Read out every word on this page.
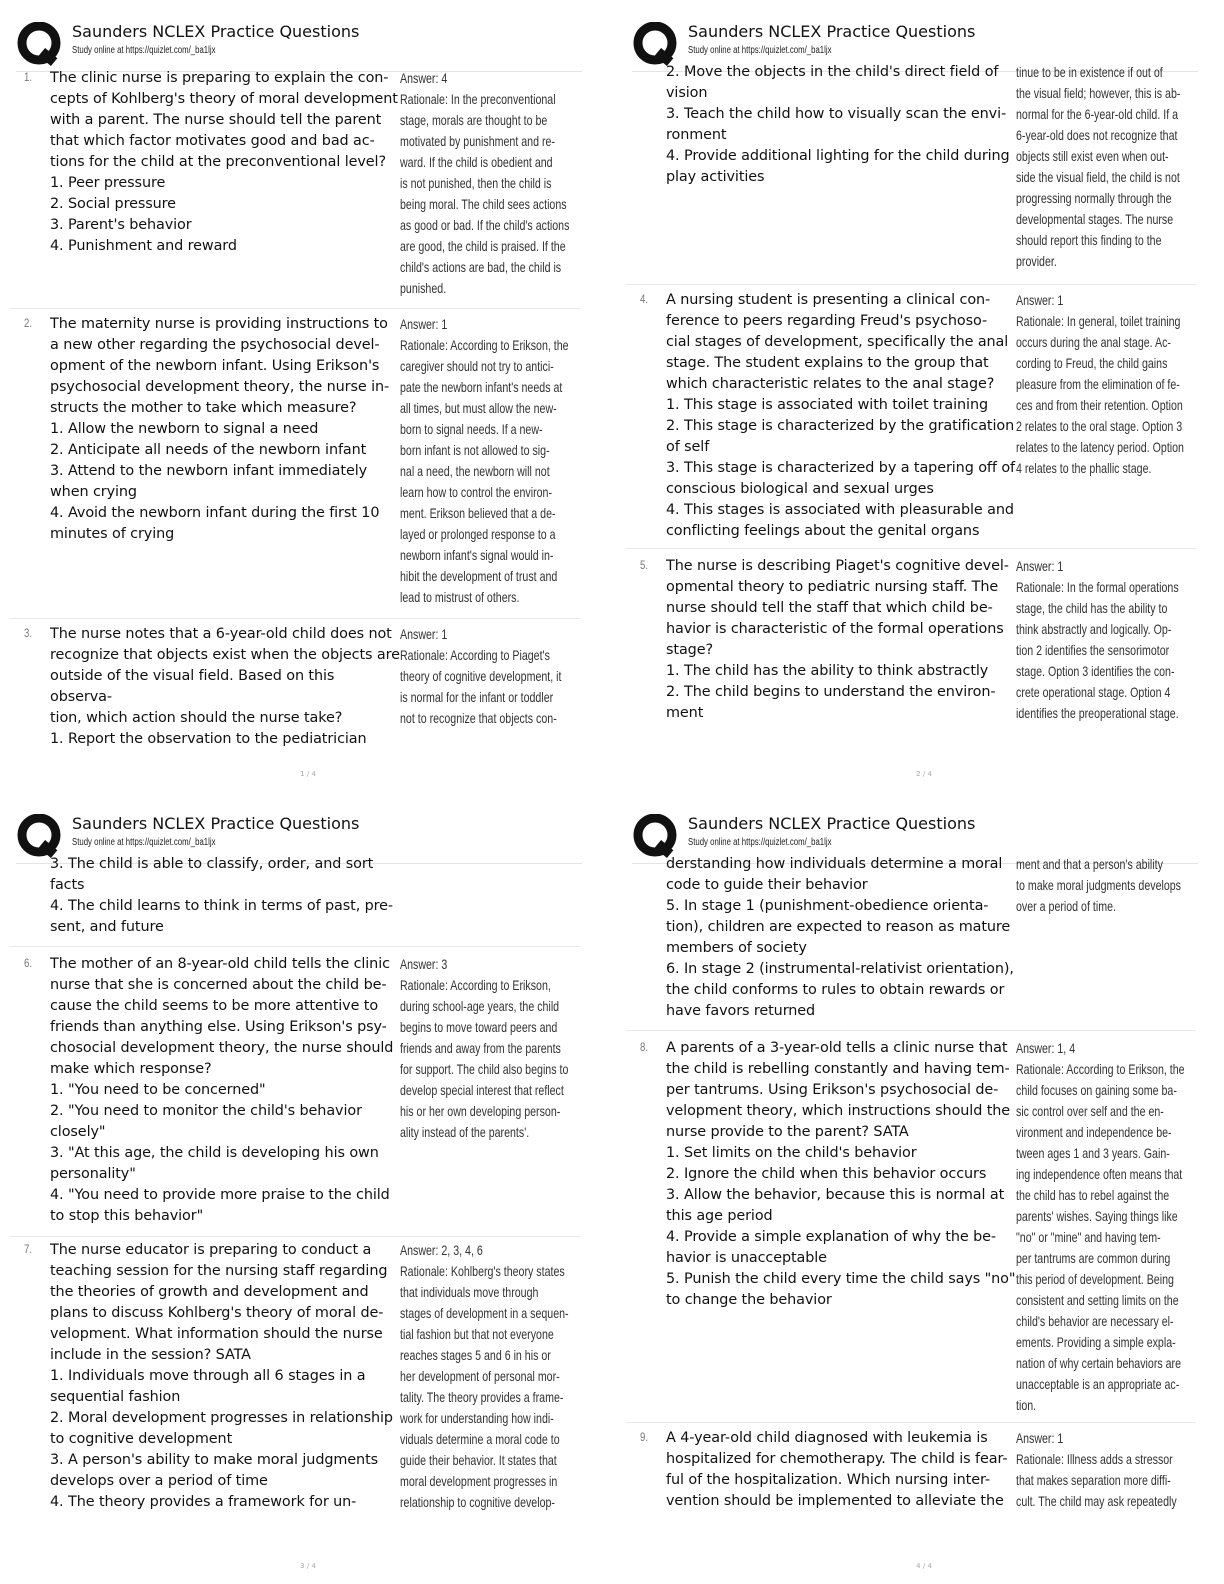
Saunders NCLEX Practice Questions
Study online at https://quizlet.com/_ba1ljx
1. The clinic nurse is preparing to explain the con-

cepts of Kohlberg's theory of moral development

with a parent. The nurse should tell the parent

that which factor motivates good and bad ac-

tions for the child at the preconventional level?

1. Peer pressure

2. Social pressure

3. Parent's behavior

4. Punishment and reward

Answer: 4

Rationale: In the preconventional

stage, morals are thought to be

motivated by punishment and re-

ward. If the child is obedient and

is not punished, then the child is

being moral. The child sees actions

as good or bad. If the child's actions

are good, the child is praised. If the

child's actions are bad, the child is

punished.

2. The maternity nurse is providing instructions to

a new other regarding the psychosocial devel-

opment of the newborn infant. Using Erikson's

psychosocial development theory, the nurse in-

structs the mother to take which measure?

1. Allow the newborn to signal a need

2. Anticipate all needs of the newborn infant

3. Attend to the newborn infant immediately

when crying

4. Avoid the newborn infant during the first 10

minutes of crying

Answer: 1

Rationale: According to Erikson, the

caregiver should not try to antici-

pate the newborn infant's needs at

all times, but must allow the new-

born to signal needs. If a new-

born infant is not allowed to sig-

nal a need, the newborn will not

learn how to control the environ-

ment. Erikson believed that a de-

layed or prolonged response to a

newborn infant's signal would in-

hibit the development of trust and

lead to mistrust of others.

3. The nurse notes that a 6-year-old child does not

recognize that objects exist when the objects are

outside of the visual field. Based on this observa-

tion, which action should the nurse take?

1. Report the observation to the pediatrician

Answer: 1

Rationale: According to Piaget's

theory of cognitive development, it

is normal for the infant or toddler

not to recognize that objects con-

1 / 4
Saunders NCLEX Practice Questions
Study online at https://quizlet.com/_ba1ljx

2. Move the objects in the child's direct field of

vision

3. Teach the child how to visually scan the envi-

ronment

4. Provide additional lighting for the child during

play activities

tinue to be in existence if out of

the visual field; however, this is ab-

normal for the 6-year-old child. If a

6-year-old does not recognize that

objects still exist even when out-

side the visual field, the child is not

progressing normally through the

developmental stages. The nurse

should report this finding to the

provider.

4. A nursing student is presenting a clinical con-

ference to peers regarding Freud's psychoso-

cial stages of development, specifically the anal

stage. The student explains to the group that

which characteristic relates to the anal stage?

1. This stage is associated with toilet training

2. This stage is characterized by the gratification

of self

3. This stage is characterized by a tapering off of

conscious biological and sexual urges

4. This stages is associated with pleasurable and

conflicting feelings about the genital organs

Answer: 1

Rationale: In general, toilet training

occurs during the anal stage. Ac-

cording to Freud, the child gains

pleasure from the elimination of fe-

ces and from their retention. Option

2 relates to the oral stage. Option 3

relates to the latency period. Option

4 relates to the phallic stage.

5. The nurse is describing Piaget's cognitive devel-

opmental theory to pediatric nursing staff. The

nurse should tell the staff that which child be-

havior is characteristic of the formal operations

stage?

1. The child has the ability to think abstractly

2. The child begins to understand the environ-

ment

Answer: 1

Rationale: In the formal operations

stage, the child has the ability to

think abstractly and logically. Op-

tion 2 identifies the sensorimotor

stage. Option 3 identifies the con-

crete operational stage. Option 4

identifies the preoperational stage.

2 / 4
Saunders NCLEX Practice Questions
Study online at https://quizlet.com/_ba1ljx

3. The child is able to classify, order, and sort

facts

4. The child learns to think in terms of past, pre-

sent, and future

6. The mother of an 8-year-old child tells the clinic

nurse that she is concerned about the child be-

cause the child seems to be more attentive to

friends than anything else. Using Erikson's psy-

chosocial development theory, the nurse should

make which response?

1. "You need to be concerned"

2. "You need to monitor the child's behavior

closely"

3. "At this age, the child is developing his own

personality"

4. "You need to provide more praise to the child

to stop this behavior"

Answer: 3

Rationale: According to Erikson,

during school-age years, the child

begins to move toward peers and

friends and away from the parents

for support. The child also begins to

develop special interest that reflect

his or her own developing person-

ality instead of the parents'.

7. The nurse educator is preparing to conduct a

teaching session for the nursing staff regarding

the theories of growth and development and

plans to discuss Kohlberg's theory of moral de-

velopment. What information should the nurse

include in the session? SATA

1. Individuals move through all 6 stages in a

sequential fashion

2. Moral development progresses in relationship

to cognitive development

3. A person's ability to make moral judgments

develops over a period of time

4. The theory provides a framework for un-

Answer: 2, 3, 4, 6

Rationale: Kohlberg's theory states

that individuals move through

stages of development in a sequen-

tial fashion but that not everyone

reaches stages 5 and 6 in his or

her development of personal mor-

tality. The theory provides a frame-

work for understanding how indi-

viduals determine a moral code to

guide their behavior. It states that

moral development progresses in

relationship to cognitive develop-

3 / 4
Saunders NCLEX Practice Questions
Study online at https://quizlet.com/_ba1ljx

derstanding how individuals determine a moral

code to guide their behavior

5. In stage 1 (punishment-obedience orienta-

tion), children are expected to reason as mature

members of society

6. In stage 2 (instrumental-relativist orientation),

the child conforms to rules to obtain rewards or

have favors returned

ment and that a person's ability

to make moral judgments develops

over a period of time.

8. A parents of a 3-year-old tells a clinic nurse that

the child is rebelling constantly and having tem-

per tantrums. Using Erikson's psychosocial de-

velopment theory, which instructions should the

nurse provide to the parent? SATA

1. Set limits on the child's behavior

2. Ignore the child when this behavior occurs

3. Allow the behavior, because this is normal at

this age period

4. Provide a simple explanation of why the be-

havior is unacceptable

5. Punish the child every time the child says "no"

to change the behavior

Answer: 1, 4

Rationale: According to Erikson, the

child focuses on gaining some ba-

sic control over self and the en-

vironment and independence be-

tween ages 1 and 3 years. Gain-

ing independence often means that

the child has to rebel against the

parents' wishes. Saying things like

"no" or "mine" and having tem-

per tantrums are common during

this period of development. Being

consistent and setting limits on the

child's behavior are necessary el-

ements. Providing a simple expla-

nation of why certain behaviors are

unacceptable is an appropriate ac-

tion.

9. A 4-year-old child diagnosed with leukemia is

hospitalized for chemotherapy. The child is fear-

ful of the hospitalization. Which nursing inter-

vention should be implemented to alleviate the

Answer: 1

Rationale: Illness adds a stressor

that makes separation more diffi-

cult. The child may ask repeatedly

4 / 4
